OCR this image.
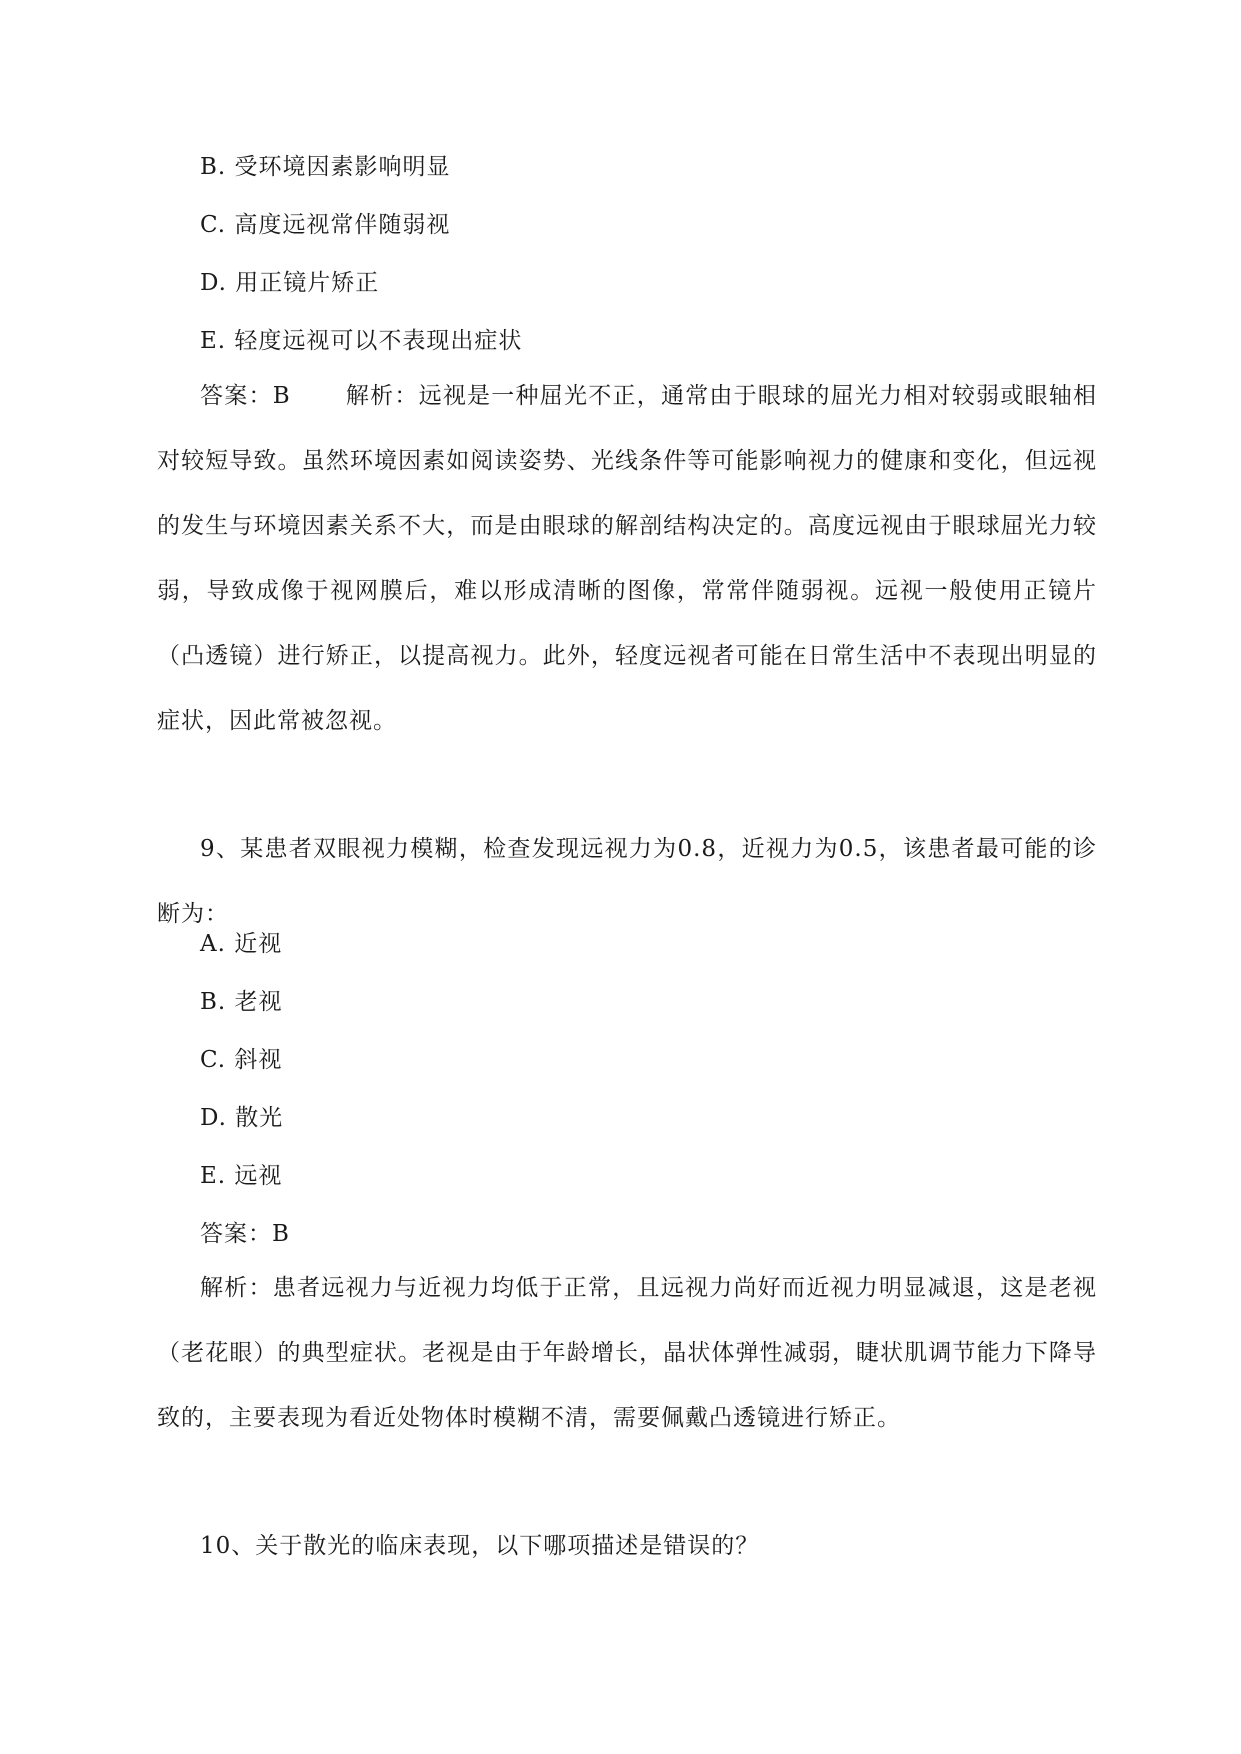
B. 受环境因素影响明显
C. 高度远视常伴随弱视
D. 用正镜片矫正
E. 轻度远视可以不表现出症状
答案：B 解析：远视是一种屈光不正，通常由于眼球的屈光力相对较弱或眼轴相对较短导致。虽然环境因素如阅读姿势、光线条件等可能影响视力的健康和变化，但远视的发生与环境因素关系不大，而是由眼球的解剖结构决定的。高度远视由于眼球屈光力较弱，导致成像于视网膜后，难以形成清晰的图像，常常伴随弱视。远视一般使用正镜片（凸透镜）进行矫正，以提高视力。此外，轻度远视者可能在日常生活中不表现出明显的症状，因此常被忽视。
9、某患者双眼视力模糊，检查发现远视力为0.8，近视力为0.5，该患者最可能的诊断为：
A. 近视
B. 老视
C. 斜视
D. 散光
E. 远视
答案：B
解析：患者远视力与近视力均低于正常，且远视力尚好而近视力明显减退，这是老视（老花眼）的典型症状。老视是由于年龄增长，晶状体弹性减弱，睫状肌调节能力下降导致的，主要表现为看近处物体时模糊不清，需要佩戴凸透镜进行矫正。
10、关于散光的临床表现，以下哪项描述是错误的？
